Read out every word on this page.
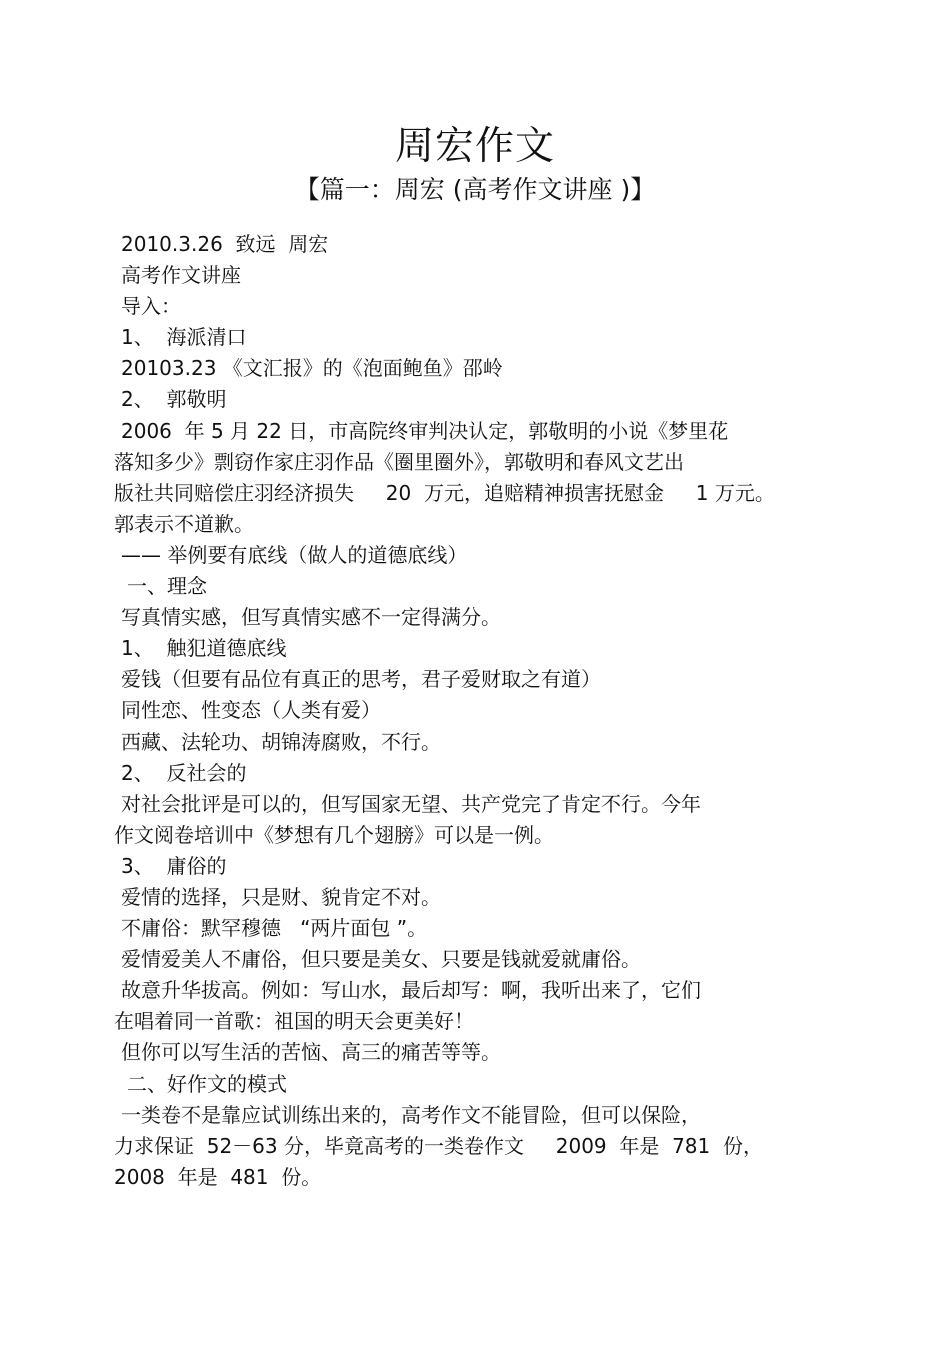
周宏作文
【篇一：周宏 (高考作文讲座 )】
2010.3.26  致远  周宏
高考作文讲座
导入：
1、  海派清口
20103.23 《文汇报》的《泡面鲍鱼》邵岭
2、  郭敬明
2006  年 5 月 22 日，市高院终审判决认定，郭敬明的小说《梦里花
落知多少》剽窃作家庄羽作品《圈里圈外》，郭敬明和春风文艺出
版社共同赔偿庄羽经济损失     20  万元，追赔精神损害抚慰金     1 万元。
郭表示不道歉。
—— 举例要有底线（做人的道德底线）
一、理念
写真情实感，但写真情实感不一定得满分。
1、  触犯道德底线
爱钱（但要有品位有真正的思考，君子爱财取之有道）
同性恋、性变态（人类有爱）
西藏、法轮功、胡锦涛腐败，不行。
2、  反社会的
对社会批评是可以的，但写国家无望、共产党完了肯定不行。今年
作文阅卷培训中《梦想有几个翅膀》可以是一例。
3、  庸俗的
爱情的选择，只是财、貌肯定不对。
不庸俗：默罕穆德   “两片面包 ”。
爱情爱美人不庸俗，但只要是美女、只要是钱就爱就庸俗。
故意升华拔高。例如：写山水，最后却写：啊，我听出来了，它们
在唱着同一首歌：祖国的明天会更美好！
但你可以写生活的苦恼、高三的痛苦等等。
二、好作文的模式
一类卷不是靠应试训练出来的，高考作文不能冒险，但可以保险，
力求保证  52－63 分，毕竟高考的一类卷作文     2009  年是  781  份，
2008  年是  481  份。
